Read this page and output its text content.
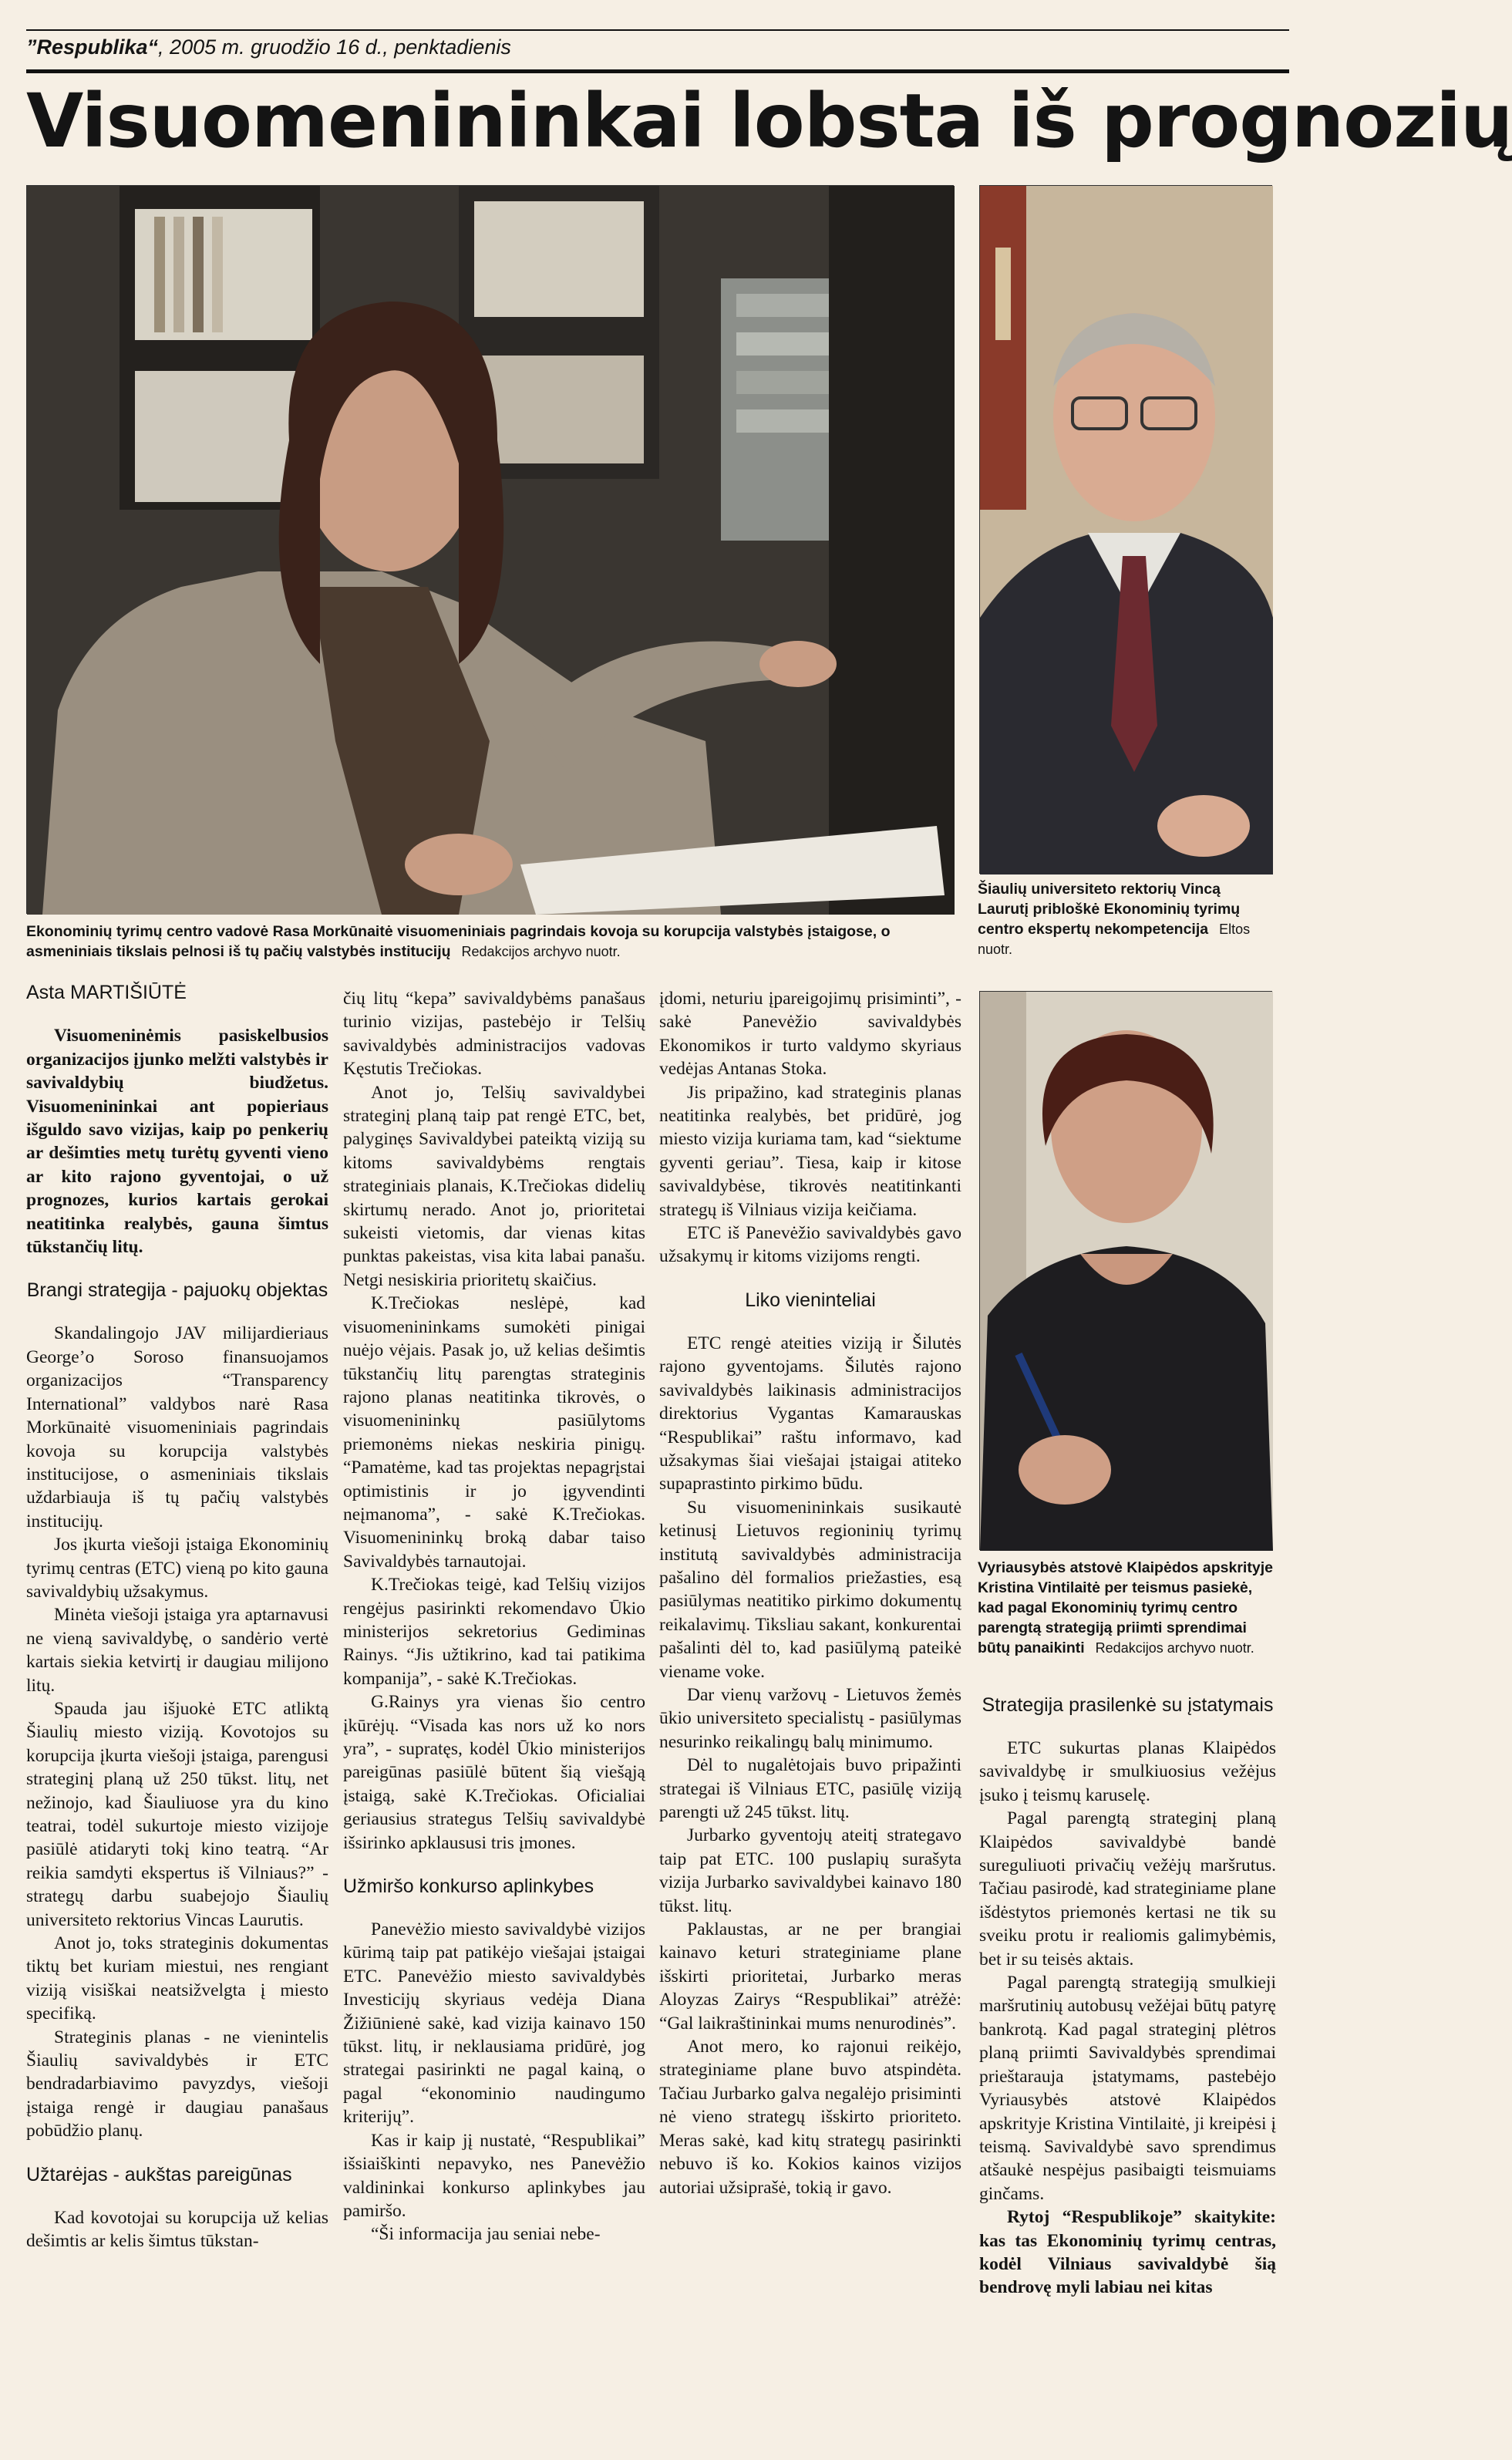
”Respublika“, 2005 m. gruodžio 16 d., penktadienis
Visuomenininkai lobsta iš prognozių
Ekonominių tyrimų centro vadovė Rasa Morkūnaitė visuomeniniais pagrindais kovoja su korupcija valstybės įstaigose, o asmeniniais tikslais pelnosi iš tų pačių valstybės institucijų Redakcijos archyvo nuotr.
Šiaulių universiteto rektorių Vincą Laurutį pribloškė Ekonominių tyrimų centro ekspertų nekompetencija Eltos nuotr.
Vyriausybės atstovė Klaipėdos apskrityje Kristina Vintilaitė per teismus pasiekė, kad pagal Ekonominių tyrimų centro parengtą strategiją priimti sprendimai būtų panaikinti Redakcijos archyvo nuotr.

Asta MARTIŠIŪTĖ

Visuomeninėmis pasiskelbusios organizacijos įjunko melžti valstybės ir savivaldybių biudžetus. Visuomenininkai ant popieriaus išguldo savo vizijas, kaip po penkerių ar dešimties metų turėtų gyventi vieno ar kito rajono gyventojai, o už prognozes, kurios kartais gerokai neatitinka realybės, gauna šimtus tūkstančių litų.

Brangi strategija - pajuokų objektas

Skandalingojo JAV milijardieriaus George’o Soroso finansuojamos organizacijos “Transparency International” valdybos narė Rasa Morkūnaitė visuomeniniais pagrindais kovoja su korupcija valstybės institucijose, o asmeniniais tikslais uždarbiauja iš tų pačių valstybės institucijų.

Jos įkurta viešoji įstaiga Ekonominių tyrimų centras (ETC) vieną po kito gauna savivaldybių užsakymus.

Minėta viešoji įstaiga yra aptarnavusi ne vieną savivaldybę, o sandėrio vertė kartais siekia ketvirtį ir daugiau milijono litų.

Spauda jau išjuokė ETC atliktą Šiaulių miesto viziją. Kovotojos su korupcija įkurta viešoji įstaiga, parengusi strateginį planą už 250 tūkst. litų, net nežinojo, kad Šiauliuose yra du kino teatrai, todėl sukurtoje miesto vizijoje pasiūlė atidaryti tokį kino teatrą. “Ar reikia samdyti ekspertus iš Vilniaus?” - strategų darbu suabejojo Šiaulių universiteto rektorius Vincas Laurutis.

Anot jo, toks strateginis dokumentas tiktų bet kuriam miestui, nes rengiant viziją visiškai neatsižvelgta į miesto specifiką.

Strateginis planas - ne vienintelis Šiaulių savivaldybės ir ETC bendradarbiavimo pavyzdys, viešoji įstaiga rengė ir daugiau panašaus pobūdžio planų.

Užtarėjas - aukštas pareigūnas

Kad kovotojai su korupcija už kelias dešimtis ar kelis šimtus tūkstan-

čių litų “kepa” savivaldybėms panašaus turinio vizijas, pastebėjo ir Telšių savivaldybės administracijos vadovas Kęstutis Trečiokas.

Anot jo, Telšių savivaldybei strateginį planą taip pat rengė ETC, bet, palyginęs Savivaldybei pateiktą viziją su kitoms savivaldybėms rengtais strateginiais planais, K.Trečiokas didelių skirtumų nerado. Anot jo, prioritetai sukeisti vietomis, dar vienas kitas punktas pakeistas, visa kita labai panašu. Netgi nesiskiria prioritetų skaičius.

K.Trečiokas neslėpė, kad visuomenininkams sumokėti pinigai nuėjo vėjais. Pasak jo, už kelias dešimtis tūkstančių litų parengtas strateginis rajono planas neatitinka tikrovės, o visuomenininkų pasiūlytoms priemonėms niekas neskiria pinigų. “Pamatėme, kad tas projektas nepagrįstai optimistinis ir jo įgyvendinti neįmanoma”, - sakė K.Trečiokas. Visuomenininkų broką dabar taiso Savivaldybės tarnautojai.

K.Trečiokas teigė, kad Telšių vizijos rengėjus pasirinkti rekomendavo Ūkio ministerijos sekretorius Gediminas Rainys. “Jis užtikrino, kad tai patikima kompanija”, - sakė K.Trečiokas.

G.Rainys yra vienas šio centro įkūrėjų. “Visada kas nors už ko nors yra”, - supratęs, kodėl Ūkio ministerijos pareigūnas pasiūlė būtent šią viešąją įstaigą, sakė K.Trečiokas. Oficialiai geriausius strategus Telšių savivaldybė išsirinko apklaususi tris įmones.

Užmiršo konkurso aplinkybes

Panevėžio miesto savivaldybė vizijos kūrimą taip pat patikėjo viešajai įstaigai ETC. Panevėžio miesto savivaldybės Investicijų skyriaus vedėja Diana Žižiūnienė sakė, kad vizija kainavo 150 tūkst. litų, ir neklausiama pridūrė, jog strategai pasirinkti ne pagal kainą, o pagal “ekonominio naudingumo kriterijų”.

Kas ir kaip jį nustatė, “Respublikai” išsiaiškinti nepavyko, nes Panevėžio valdininkai konkurso aplinkybes jau pamiršo.

“Ši informacija jau seniai nebe-

įdomi, neturiu įpareigojimų prisiminti”, - sakė Panevėžio savivaldybės Ekonomikos ir turto valdymo skyriaus vedėjas Antanas Stoka.

Jis pripažino, kad strateginis planas neatitinka realybės, bet pridūrė, jog miesto vizija kuriama tam, kad “siektume gyventi geriau”. Tiesa, kaip ir kitose savivaldybėse, tikrovės neatitinkanti strategų iš Vilniaus vizija keičiama.

ETC iš Panevėžio savivaldybės gavo užsakymų ir kitoms vizijoms rengti.

Liko vieninteliai

ETC rengė ateities viziją ir Šilutės rajono gyventojams. Šilutės rajono savivaldybės laikinasis administracijos direktorius Vygantas Kamarauskas “Respublikai” raštu informavo, kad užsakymas šiai viešajai įstaigai atiteko supaprastinto pirkimo būdu.

Su visuomenininkais susikautė ketinusį Lietuvos regioninių tyrimų institutą savivaldybės administracija pašalino dėl formalios priežasties, esą pasiūlymas neatitiko pirkimo dokumentų reikalavimų. Tiksliau sakant, konkurentai pašalinti dėl to, kad pasiūlymą pateikė viename voke.

Dar vienų varžovų - Lietuvos žemės ūkio universiteto specialistų - pasiūlymas nesurinko reikalingų balų minimumo.

Dėl to nugalėtojais buvo pripažinti strategai iš Vilniaus ETC, pasiūlę viziją parengti už 245 tūkst. litų.

Jurbarko gyventojų ateitį strategavo taip pat ETC. 100 puslapių surašyta vizija Jurbarko savivaldybei kainavo 180 tūkst. litų.

Paklaustas, ar ne per brangiai kainavo keturi strateginiame plane išskirti prioritetai, Jurbarko meras Aloyzas Zairys “Respublikai” atrėžė: “Gal laikraštininkai mums nenurodinės”.

Anot mero, ko rajonui reikėjo, strateginiame plane buvo atspindėta. Tačiau Jurbarko galva negalėjo prisiminti nė vieno strategų išskirto prioriteto. Meras sakė, kad kitų strategų pasirinkti nebuvo iš ko. Kokios kainos vizijos autoriai užsiprašė, tokią ir gavo.

Strategija prasilenkė su įstatymais

ETC sukurtas planas Klaipėdos savivaldybę ir smulkiuosius vežėjus įsuko į teismų karuselę.

Pagal parengtą strateginį planą Klaipėdos savivaldybė bandė sureguliuoti privačių vežėjų maršrutus. Tačiau pasirodė, kad strateginiame plane išdėstytos priemonės kertasi ne tik su sveiku protu ir realiomis galimybėmis, bet ir su teisės aktais.

Pagal parengtą strategiją smulkieji maršrutinių autobusų vežėjai būtų patyrę bankrotą. Kad pagal strateginį plėtros planą priimti Savivaldybės sprendimai prieštarauja įstatymams, pastebėjo Vyriausybės atstovė Klaipėdos apskrityje Kristina Vintilaitė, ji kreipėsi į teismą. Savivaldybė savo sprendimus atšaukė nespėjus pasibaigti teismuiams ginčams.

Rytoj “Respublikoje” skaitykite: kas tas Ekonominių tyrimų centras, kodėl Vilniaus savivaldybė šią bendrovę myli labiau nei kitas
